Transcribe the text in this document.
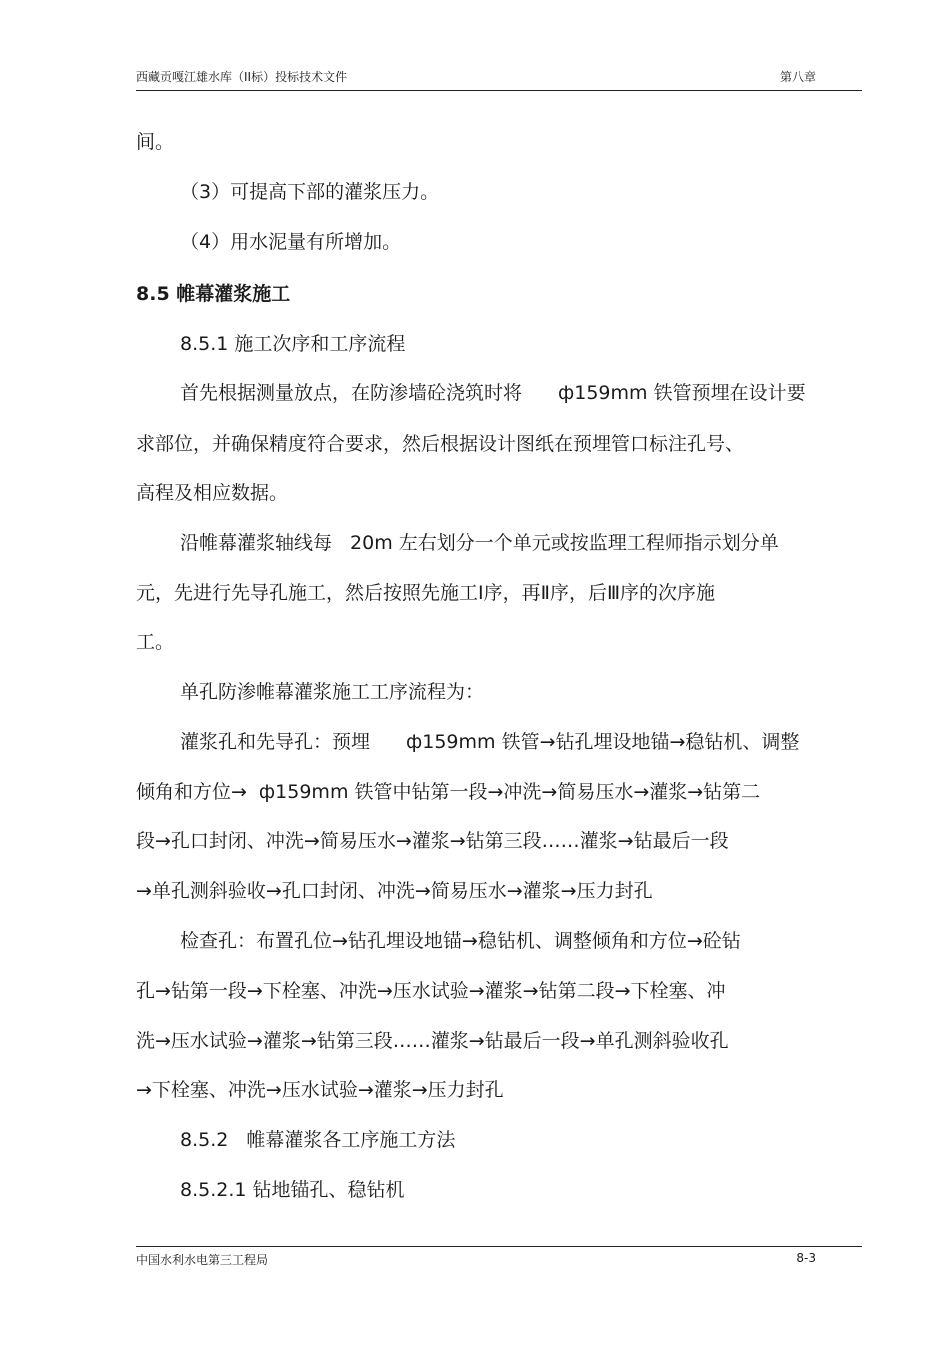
西藏贡嘎江雄水库（II标）投标技术文件	第八章
间。
（3）可提高下部的灌浆压力。
（4）用水泥量有所增加。
8.5 帷幕灌浆施工
8.5.1 施工次序和工序流程
首先根据测量放点，在防渗墙砼浇筑时将 ф159mm 铁管预埋在设计要
求部位，并确保精度符合要求，然后根据设计图纸在预埋管口标注孔号、
高程及相应数据。
沿帷幕灌浆轴线每 20m 左右划分一个单元或按监理工程师指示划分单
元，先进行先导孔施工，然后按照先施工Ⅰ序，再Ⅱ序，后Ⅲ序的次序施
工。
单孔防渗帷幕灌浆施工工序流程为：
灌浆孔和先导孔：预埋 ф159mm 铁管→钻孔埋设地锚→稳钻机、调整
倾角和方位→ ф159mm 铁管中钻第一段→冲洗→简易压水→灌浆→钻第二
段→孔口封闭、冲洗→简易压水→灌浆→钻第三段……灌浆→钻最后一段
→单孔测斜验收→孔口封闭、冲洗→简易压水→灌浆→压力封孔
检查孔：布置孔位→钻孔埋设地锚→稳钻机、调整倾角和方位→砼钻
孔→钻第一段→下栓塞、冲洗→压水试验→灌浆→钻第二段→下栓塞、冲
洗→压水试验→灌浆→钻第三段……灌浆→钻最后一段→单孔测斜验收孔
→下栓塞、冲洗→压水试验→灌浆→压力封孔
8.5.2 帷幕灌浆各工序施工方法
8.5.2.1 钻地锚孔、稳钻机
中国水利水电第三工程局	8-3
